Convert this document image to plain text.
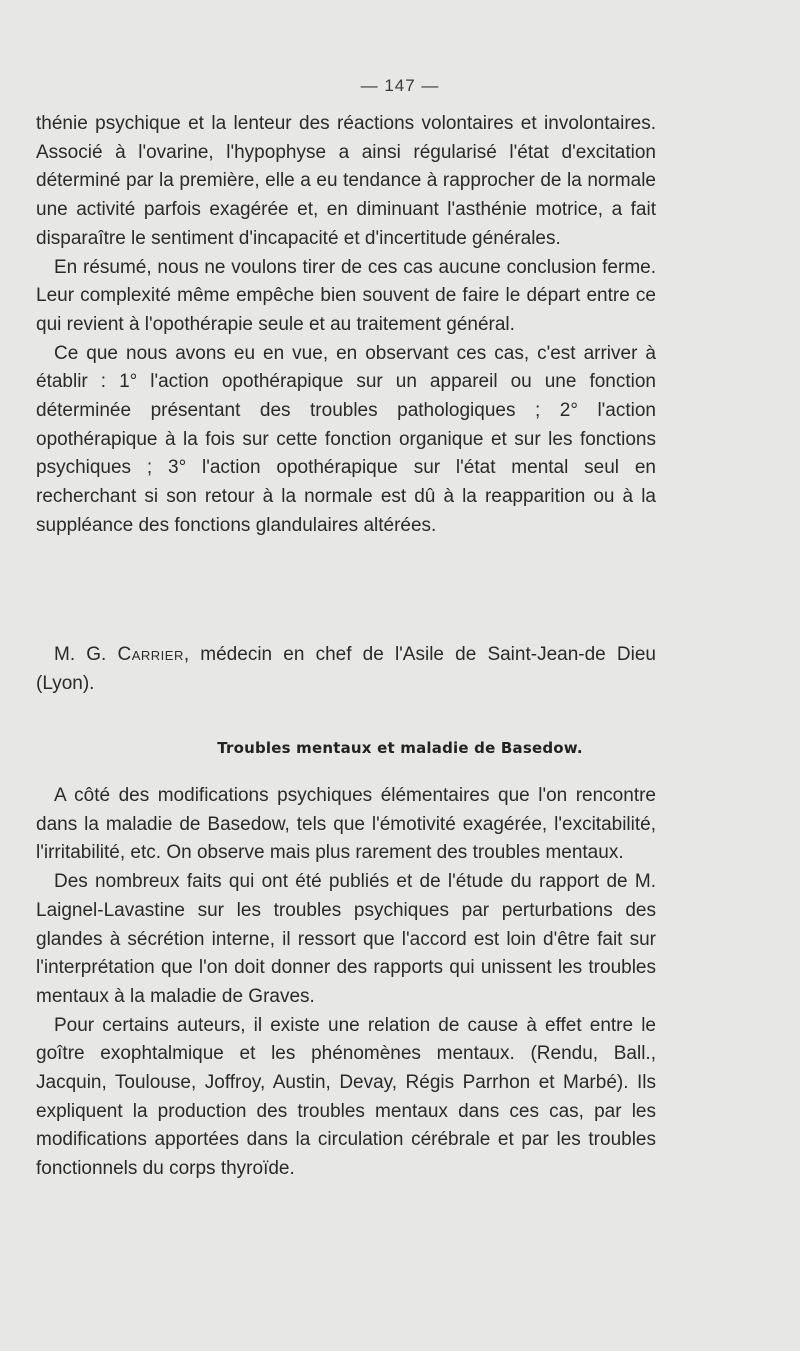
— 147 —

thénie psychique et la lenteur des réactions volontaires et involontaires. Associé à l'ovarine, l'hypophyse a ainsi régularisé l'état d'excitation déterminé par la première, elle a eu tendance à rapprocher de la normale une activité parfois exagérée et, en diminuant l'asthénie motrice, a fait disparaître le sentiment d'incapacité et d'incertitude générales.

En résumé, nous ne voulons tirer de ces cas aucune conclusion ferme. Leur complexité même empêche bien souvent de faire le départ entre ce qui revient à l'opothérapie seule et au traitement général.

Ce que nous avons eu en vue, en observant ces cas, c'est arriver à établir : 1° l'action opothérapique sur un appareil ou une fonction déterminée présentant des troubles pathologiques ; 2° l'action opothérapique à la fois sur cette fonction organique et sur les fonctions psychiques ; 3° l'action opothérapique sur l'état mental seul en recherchant si son retour à la normale est dû à la reapparition ou à la suppléance des fonctions glandulaires altérées.

M. G. Carrier, médecin en chef de l'Asile de Saint-Jean-de Dieu (Lyon).

Troubles mentaux et maladie de Basedow.

A côté des modifications psychiques élémentaires que l'on rencontre dans la maladie de Basedow, tels que l'émotivité exagérée, l'excitabilité, l'irritabilité, etc. On observe mais plus rarement des troubles mentaux.

Des nombreux faits qui ont été publiés et de l'étude du rapport de M. Laignel-Lavastine sur les troubles psychiques par perturbations des glandes à sécrétion interne, il ressort que l'accord est loin d'être fait sur l'interprétation que l'on doit donner des rapports qui unissent les troubles mentaux à la maladie de Graves.

Pour certains auteurs, il existe une relation de cause à effet entre le goître exophtalmique et les phénomènes mentaux. (Rendu, Ball., Jacquin, Toulouse, Joffroy, Austin, Devay, Régis Parrhon et Marbé). Ils expliquent la production des troubles mentaux dans ces cas, par les modifications apportées dans la circulation cérébrale et par les troubles fonctionnels du corps thyroïde.
